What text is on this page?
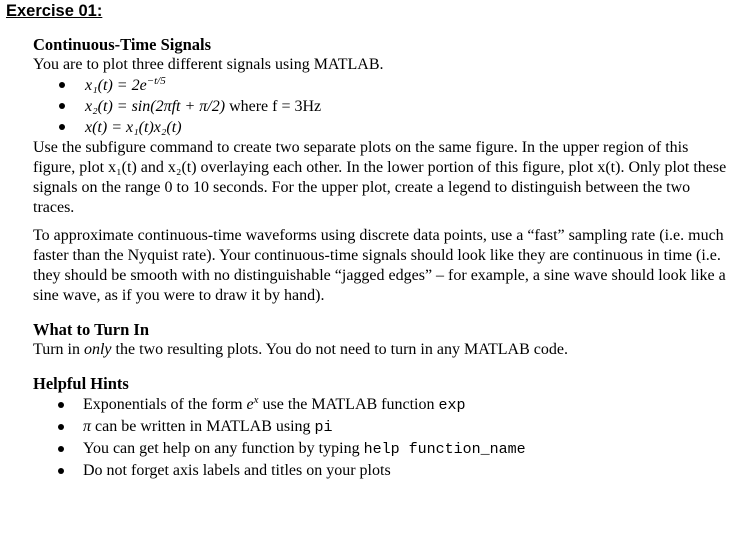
Exercise 01:

Continuous-Time Signals

You are to plot three different signals using MATLAB.

$x_1(t) = 2e^{-t/5}$
x₂(t) = sin(2πft + π/2) where f = 3Hz
x(t) = x₁(t)x₂(t)

Use the subfigure command to create two separate plots on the same figure. In the upper region of this figure, plot x₁(t) and x₂(t) overlaying each other. In the lower portion of this figure, plot x(t). Only plot these signals on the range 0 to 10 seconds. For the upper plot, create a legend to distinguish between the two traces.

To approximate continuous-time waveforms using discrete data points, use a “fast” sampling rate (i.e. much faster than the Nyquist rate). Your continuous-time signals should look like they are continuous in time (i.e. they should be smooth with no distinguishable “jagged edges” – for example, a sine wave should look like a sine wave, as if you were to draw it by hand).

What to Turn In

Turn in only the two resulting plots. You do not need to turn in any MATLAB code.

Helpful Hints

Exponentials of the form $e^x$ use the MATLAB function exp
π can be written in MATLAB using pi
You can get help on any function by typing help function_name
Do not forget axis labels and titles on your plots
